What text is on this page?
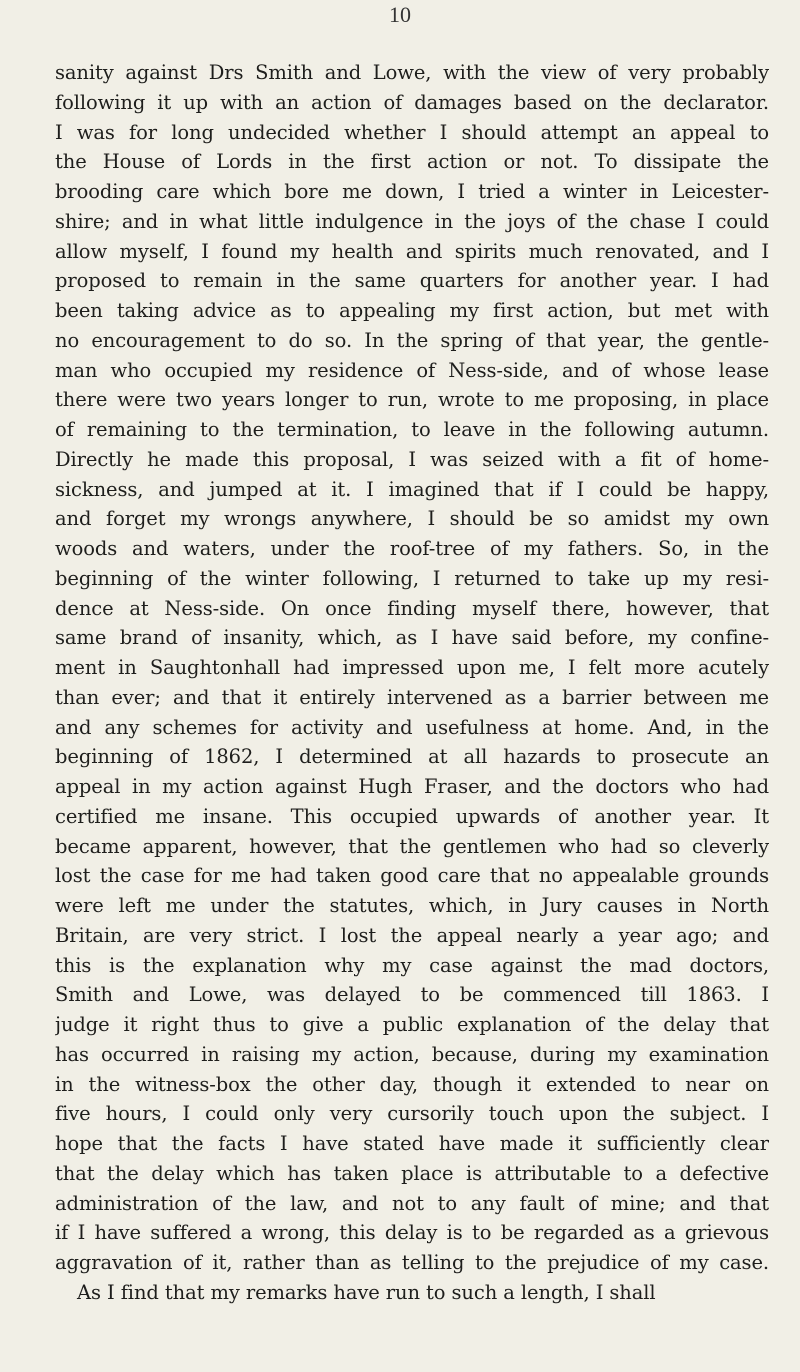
10
sanity against Drs Smith and Lowe, with the view of very probably
following it up with an action of damages based on the declarator.
I was for long undecided whether I should attempt an appeal to
the House of Lords in the first action or not. To dissipate the
brooding care which bore me down, I tried a winter in Leicester-
shire; and in what little indulgence in the joys of the chase I could
allow myself, I found my health and spirits much renovated, and I
proposed to remain in the same quarters for another year. I had
been taking advice as to appealing my first action, but met with
no encouragement to do so. In the spring of that year, the gentle-
man who occupied my residence of Ness-side, and of whose lease
there were two years longer to run, wrote to me proposing, in place
of remaining to the termination, to leave in the following autumn.
Directly he made this proposal, I was seized with a fit of home-
sickness, and jumped at it. I imagined that if I could be happy,
and forget my wrongs anywhere, I should be so amidst my own
woods and waters, under the roof-tree of my fathers. So, in the
beginning of the winter following, I returned to take up my resi-
dence at Ness-side. On once finding myself there, however, that
same brand of insanity, which, as I have said before, my confine-
ment in Saughtonhall had impressed upon me, I felt more acutely
than ever; and that it entirely intervened as a barrier between me
and any schemes for activity and usefulness at home. And, in the
beginning of 1862, I determined at all hazards to prosecute an
appeal in my action against Hugh Fraser, and the doctors who had
certified me insane. This occupied upwards of another year. It
became apparent, however, that the gentlemen who had so cleverly
lost the case for me had taken good care that no appealable grounds
were left me under the statutes, which, in Jury causes in North
Britain, are very strict. I lost the appeal nearly a year ago; and
this is the explanation why my case against the mad doctors,
Smith and Lowe, was delayed to be commenced till 1863. I
judge it right thus to give a public explanation of the delay that
has occurred in raising my action, because, during my examination
in the witness-box the other day, though it extended to near on
five hours, I could only very cursorily touch upon the subject. I
hope that the facts I have stated have made it sufficiently clear
that the delay which has taken place is attributable to a defective
administration of the law, and not to any fault of mine; and that
if I have suffered a wrong, this delay is to be regarded as a grievous
aggravation of it, rather than as telling to the prejudice of my case.
As I find that my remarks have run to such a length, I shall
